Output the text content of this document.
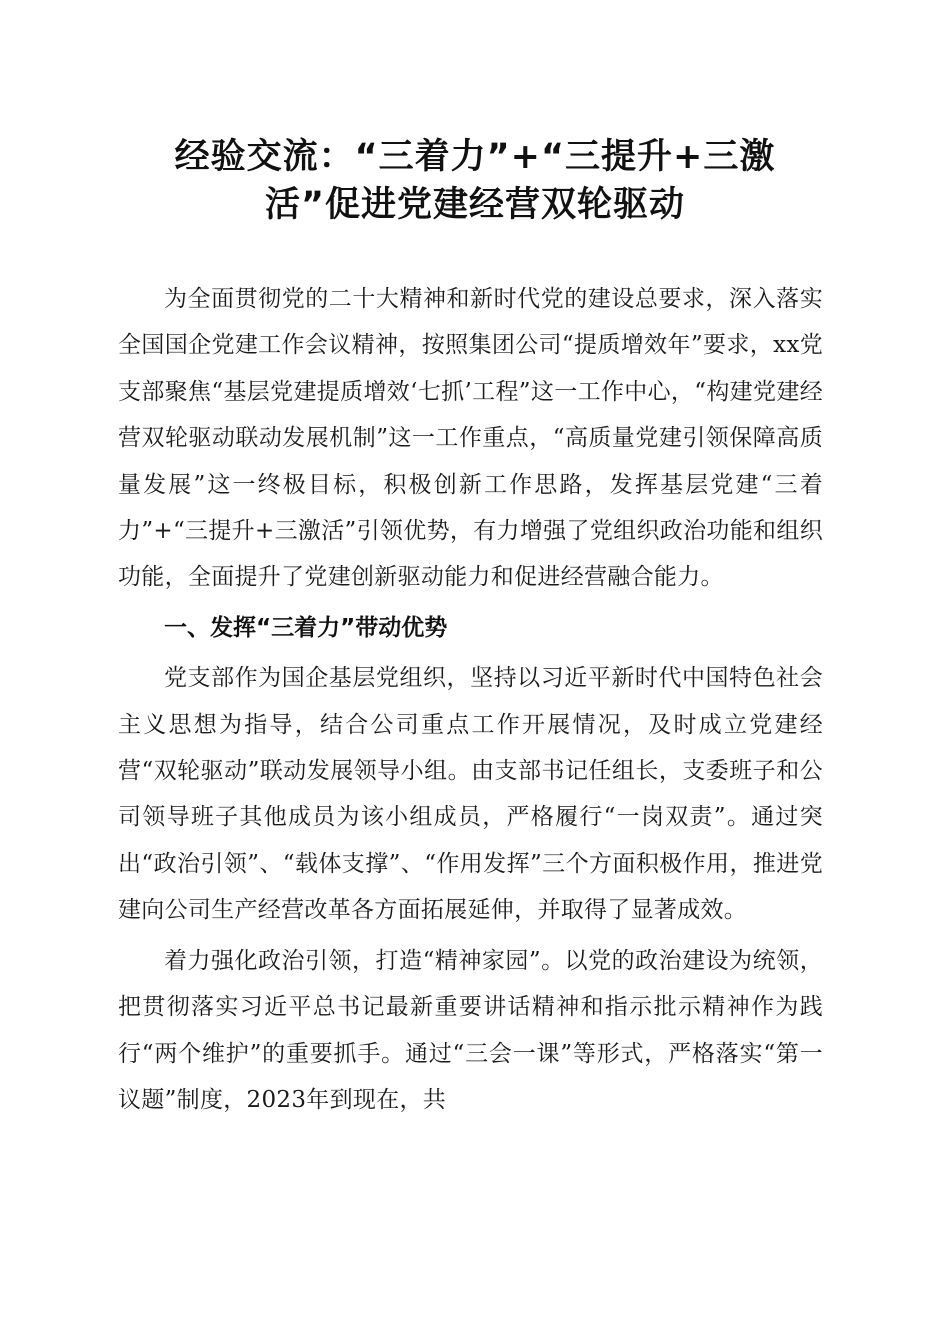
经验交流：“三着力”+“三提升+三激
活”促进党建经营双轮驱动

为全面贯彻党的二十大精神和新时代党的建设总要求，深入落实全国国企党建工作会议精神，按照集团公司“提质增效年”要求，xx党支部聚焦“基层党建提质增效‘七抓’工程”这一工作中心，“构建党建经营双轮驱动联动发展机制”这一工作重点，“高质量党建引领保障高质量发展”这一终极目标，积极创新工作思路，发挥基层党建“三着力”+“三提升+三激活”引领优势，有力增强了党组织政治功能和组织功能，全面提升了党建创新驱动能力和促进经营融合能力。

一、发挥“三着力”带动优势

党支部作为国企基层党组织，坚持以习近平新时代中国特色社会主义思想为指导，结合公司重点工作开展情况，及时成立党建经营“双轮驱动”联动发展领导小组。由支部书记任组长，支委班子和公司领导班子其他成员为该小组成员，严格履行“一岗双责”。通过突出“政治引领”、“载体支撑”、“作用发挥”三个方面积极作用，推进党建向公司生产经营改革各方面拓展延伸，并取得了显著成效。

着力强化政治引领，打造“精神家园”。以党的政治建设为统领，把贯彻落实习近平总书记最新重要讲话精神和指示批示精神作为践行“两个维护”的重要抓手。通过“三会一课”等形式，严格落实“第一议题”制度，2023年到现在，共
